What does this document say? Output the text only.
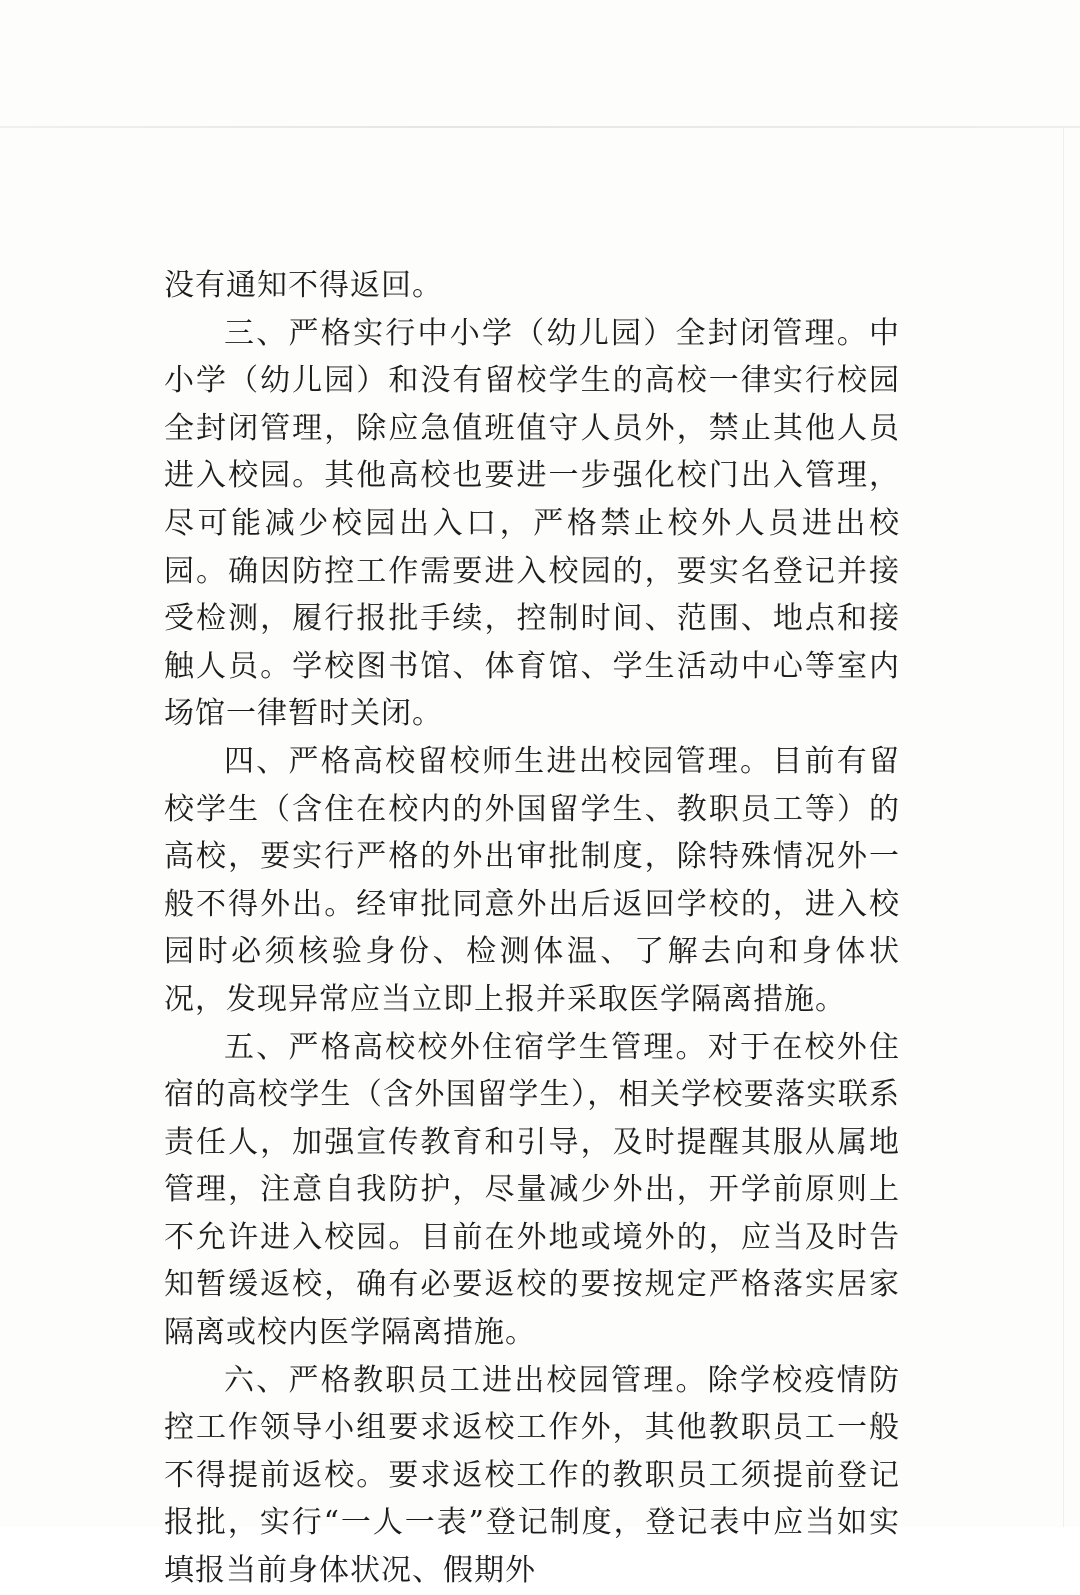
没有通知不得返回。

三、严格实行中小学（幼儿园）全封闭管理。中小学（幼儿园）和没有留校学生的高校一律实行校园全封闭管理，除应急值班值守人员外，禁止其他人员进入校园。其他高校也要进一步强化校门出入管理，尽可能减少校园出入口，严格禁止校外人员进出校园。确因防控工作需要进入校园的，要实名登记并接受检测，履行报批手续，控制时间、范围、地点和接触人员。学校图书馆、体育馆、学生活动中心等室内场馆一律暂时关闭。

四、严格高校留校师生进出校园管理。目前有留校学生（含住在校内的外国留学生、教职员工等）的高校，要实行严格的外出审批制度，除特殊情况外一般不得外出。经审批同意外出后返回学校的，进入校园时必须核验身份、检测体温、了解去向和身体状况，发现异常应当立即上报并采取医学隔离措施。

五、严格高校校外住宿学生管理。对于在校外住宿的高校学生（含外国留学生），相关学校要落实联系责任人，加强宣传教育和引导，及时提醒其服从属地管理，注意自我防护，尽量减少外出，开学前原则上不允许进入校园。目前在外地或境外的，应当及时告知暂缓返校，确有必要返校的要按规定严格落实居家隔离或校内医学隔离措施。

六、严格教职员工进出校园管理。除学校疫情防控工作领导小组要求返校工作外，其他教职员工一般不得提前返校。要求返校工作的教职员工须提前登记报批，实行“一人一表”登记制度，登记表中应当如实填报当前身体状况、假期外
